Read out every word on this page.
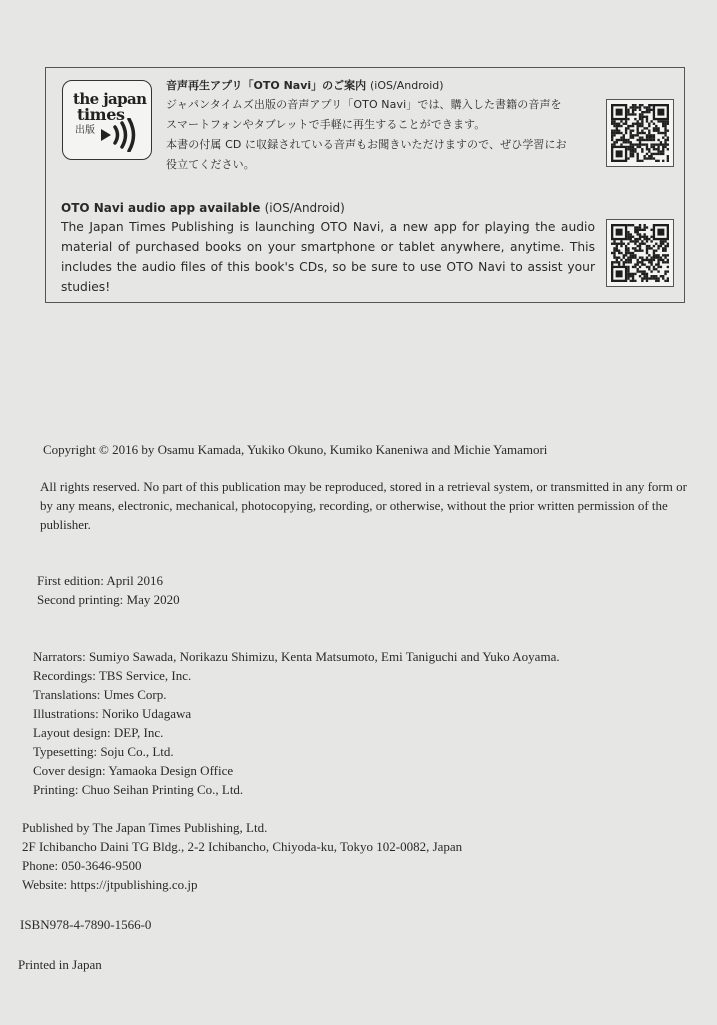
the japan
times
出版
音声再生アプリ「OTO Navi」のご案内 (iOS/Android)
ジャパンタイムズ出版の音声アプリ「OTO Navi」では、購入した書籍の音声を
スマートフォンやタブレットで手軽に再生することができます。
本書の付属 CD に収録されている音声もお聞きいただけますので、ぜひ学習にお
役立てください。
OTO Navi audio app available (iOS/Android)
The Japan Times Publishing is launching OTO Navi, a new app for playing the audio material of purchased books on your smartphone or tablet anywhere, anytime. This includes the audio files of this book's CDs, so be sure to use OTO Navi to assist your studies!
Copyright © 2016 by Osamu Kamada, Yukiko Okuno, Kumiko Kaneniwa and Michie Yamamori
All rights reserved. No part of this publication may be reproduced, stored in a retrieval system, or transmitted in any form or by any means, electronic, mechanical, photocopying, recording, or otherwise, without the prior written permission of the publisher.
First edition: April 2016
Second printing: May 2020
Narrators: Sumiyo Sawada, Norikazu Shimizu, Kenta Matsumoto, Emi Taniguchi and Yuko Aoyama.
Recordings: TBS Service, Inc.
Translations: Umes Corp.
Illustrations: Noriko Udagawa
Layout design: DEP, Inc.
Typesetting: Soju Co., Ltd.
Cover design: Yamaoka Design Office
Printing: Chuo Seihan Printing Co., Ltd.
Published by The Japan Times Publishing, Ltd.
2F Ichibancho Daini TG Bldg., 2-2 Ichibancho, Chiyoda-ku, Tokyo 102-0082, Japan
Phone: 050-3646-9500
Website: https://jtpublishing.co.jp
ISBN978-4-7890-1566-0
Printed in Japan
